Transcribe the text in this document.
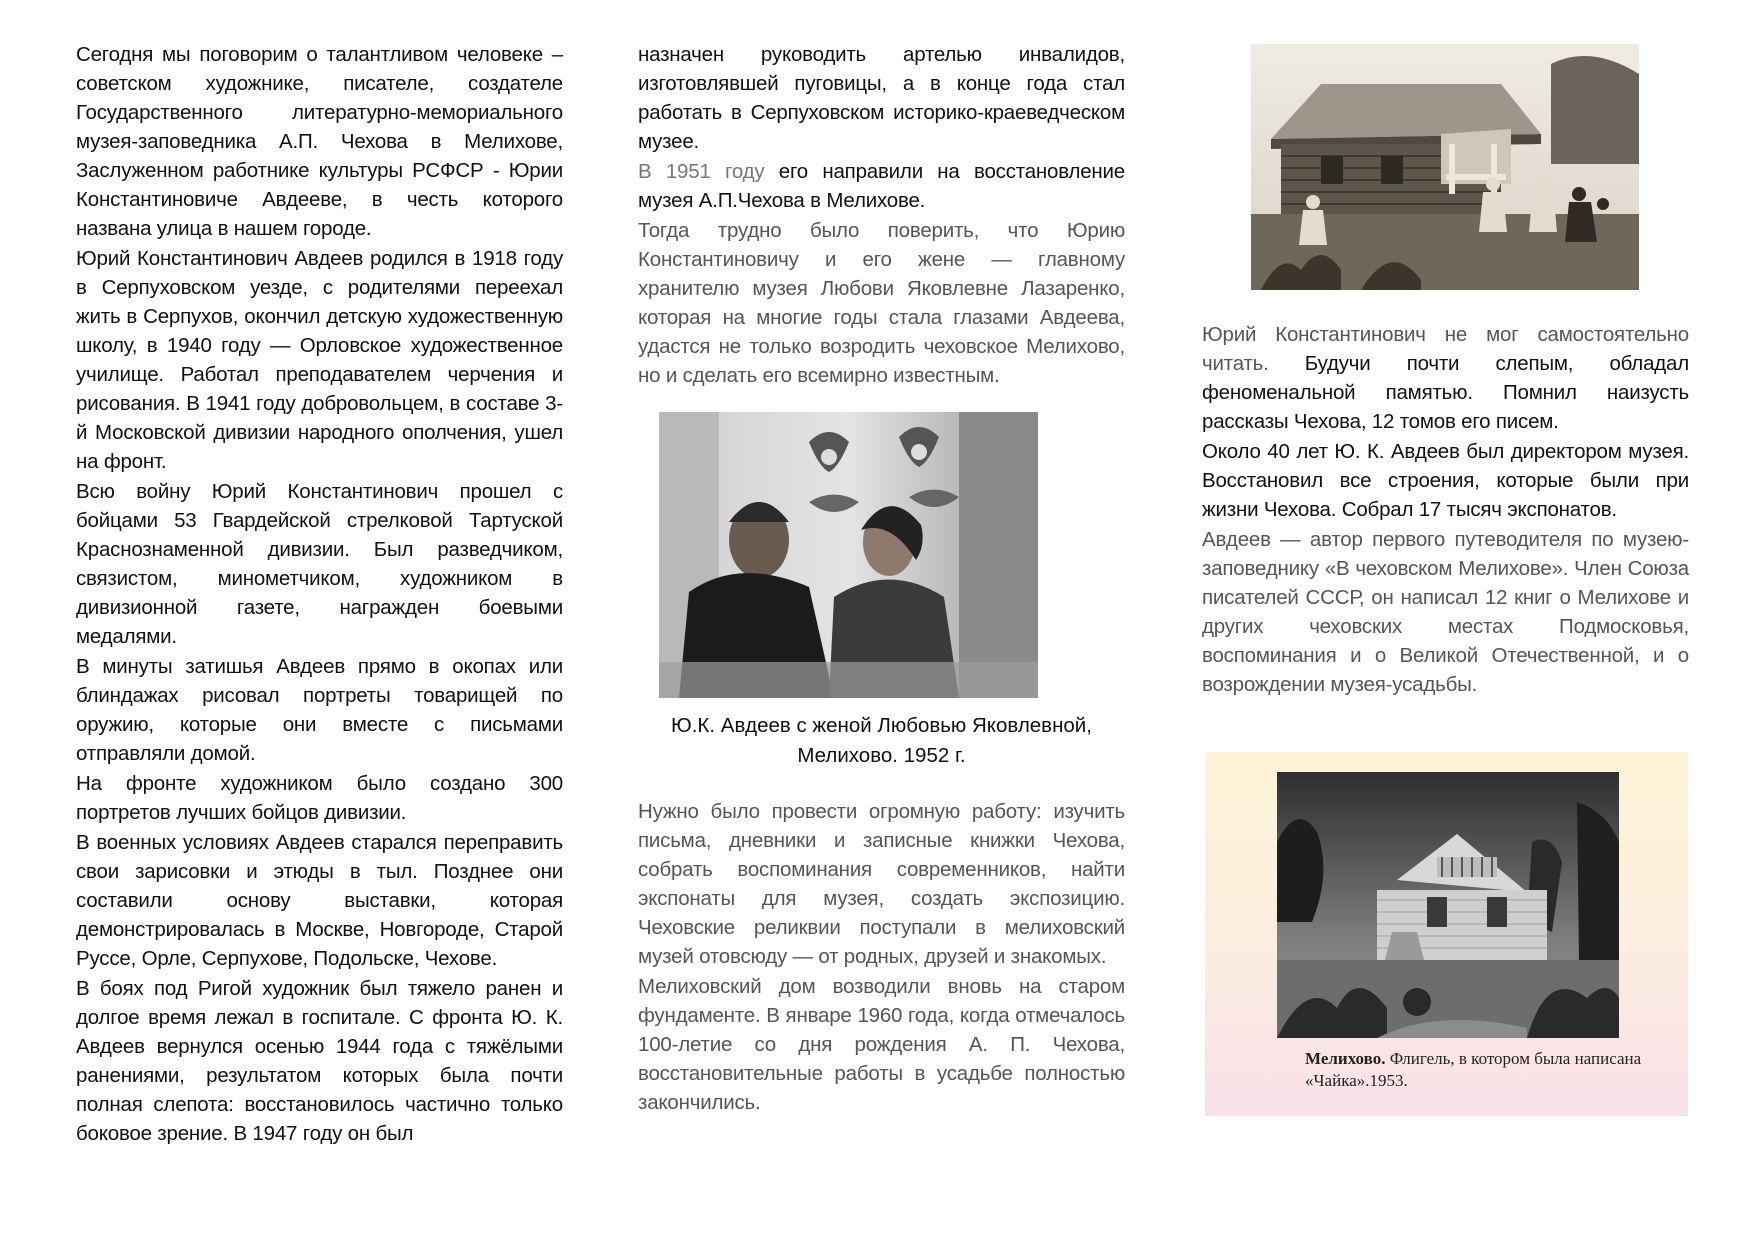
Сегодня мы поговорим о талантливом человеке – советском художнике, писателе, создателе Государственного литературно-мемориального музея-заповедника А.П. Чехова в Мелихове, Заслуженном работнике культуры РСФСР - Юрии Константиновиче Авдееве, в честь которого названа улица в нашем городе.

Юрий Константинович Авдеев родился в 1918 году в Серпуховском уезде, с родителями переехал жить в Серпухов, окончил детскую художественную школу, в 1940 году — Орловское художественное училище. Работал преподавателем черчения и рисования. В 1941 году добровольцем, в составе 3-й Московской дивизии народного ополчения, ушел на фронт.

Всю войну Юрий Константинович прошел с бойцами 53 Гвардейской стрелковой Тартуской Краснознаменной дивизии. Был разведчиком, связистом, минометчиком, художником в дивизионной газете, награжден боевыми медалями.

В минуты затишья Авдеев прямо в окопах или блиндажах рисовал портреты товарищей по оружию, которые они вместе с письмами отправляли домой.

На фронте художником было создано 300 портретов лучших бойцов дивизии.

В военных условиях Авдеев старался переправить свои зарисовки и этюды в тыл. Позднее они составили основу выставки, которая демонстрировалась в Москве, Новгороде, Старой Руссе, Орле, Серпухове, Подольске, Чехове.

В боях под Ригой художник был тяжело ранен и долгое время лежал в госпитале. С фронта Ю. К. Авдеев вернулся осенью 1944 года с тяжёлыми ранениями, результатом которых была почти полная слепота: восстановилось частично только боковое зрение. В 1947 году он был

назначен руководить артелью инвалидов, изготовлявшей пуговицы, а в конце года стал работать в Серпуховском историко-краеведческом музее.

В 1951 году его направили на восстановление музея А.П.Чехова в Мелихове.

Тогда трудно было поверить, что Юрию Константиновичу и его жене — главному хранителю музея Любови Яковлевне Лазаренко, которая на многие годы стала глазами Авдеева, удастся не только возродить чеховское Мелихово, но и сделать его всемирно известным.

Ю.К. Авдеев с женой Любовью Яковлевной,
Мелихово. 1952 г.

Нужно было провести огромную работу: изучить письма, дневники и записные книжки Чехова, собрать воспоминания современников, найти экспонаты для музея, создать экспозицию. Чеховские реликвии поступали в мелиховский музей отовсюду — от родных, друзей и знакомых.

Мелиховский дом возводили вновь на старом фундаменте. В январе 1960 года, когда отмечалось 100-летие со дня рождения А. П. Чехова, восстановительные работы в усадьбе полностью закончились.

Юрий Константинович не мог самостоятельно читать. Будучи почти слепым, обладал феноменальной памятью. Помнил наизусть рассказы Чехова, 12 томов его писем.

Около 40 лет Ю. К. Авдеев был директором музея. Восстановил все строения, которые были при жизни Чехова. Собрал 17 тысяч экспонатов.

Авдеев — автор первого путеводителя по музею-заповеднику «В чеховском Мелихове». Член Союза писателей СССР, он написал 12 книг о Мелихове и других чеховских местах Подмосковья, воспоминания и о Великой Отечественной, и о возрождении музея-усадьбы.

Мелихово. Флигель, в котором была написана «Чайка».1953.
